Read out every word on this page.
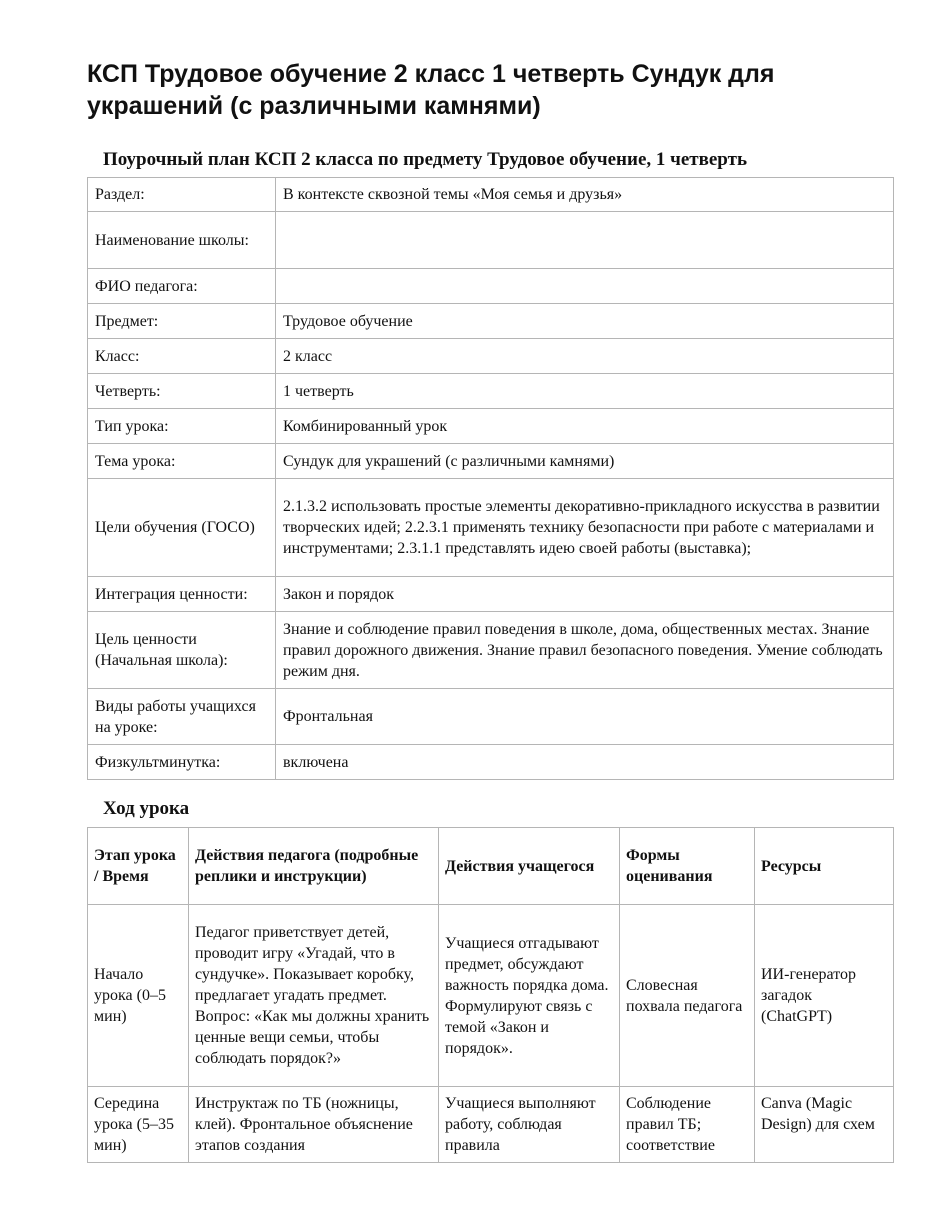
КСП Трудовое обучение 2 класс 1 четверть Сундук для украшений (с различными камнями)
Поурочный план КСП 2 класса по предмету Трудовое обучение, 1 четверть
Раздел:	В контексте сквозной темы «Моя семья и друзья»
Наименование школы:	
ФИО педагога:	
Предмет:	Трудовое обучение
Класс:	2 класс
Четверть:	1 четверть
Тип урока:	Комбинированный урок
Тема урока:	Сундук для украшений (с различными камнями)
Цели обучения (ГОСО)	2.1.3.2 использовать простые элементы декоративно-прикладного искусства в развитии творческих идей; 2.2.3.1 применять технику безопасности при работе с материалами и инструментами; 2.3.1.1 представлять идею своей работы (выставка);
Интеграция ценности:	Закон и порядок
Цель ценности (Начальная школа):	Знание и соблюдение правил поведения в школе, дома, общественных местах. Знание правил дорожного движения. Знание правил безопасного поведения. Умение соблюдать режим дня.
Виды работы учащихся на уроке:	Фронтальная
Физкультминутка:	включена
Ход урока
Этап урока / Время	Действия педагога (подробные реплики и инструкции)	Действия учащегося	Формы оценивания	Ресурсы
Начало урока (0–5 мин)	Педагог приветствует детей, проводит игру «Угадай, что в сундучке». Показывает коробку, предлагает угадать предмет. Вопрос: «Как мы должны хранить ценные вещи семьи, чтобы соблюдать порядок?»	Учащиеся отгадывают предмет, обсуждают важность порядка дома. Формулируют связь с темой «Закон и порядок».	Словесная похвала педагога	ИИ-генератор загадок (ChatGPT)
Середина урока (5–35 мин)	Инструктаж по ТБ (ножницы, клей). Фронтальное объяснение этапов создания	Учащиеся выполняют работу, соблюдая правила	Соблюдение правил ТБ; соответствие	Canva (Magic Design) для схем
